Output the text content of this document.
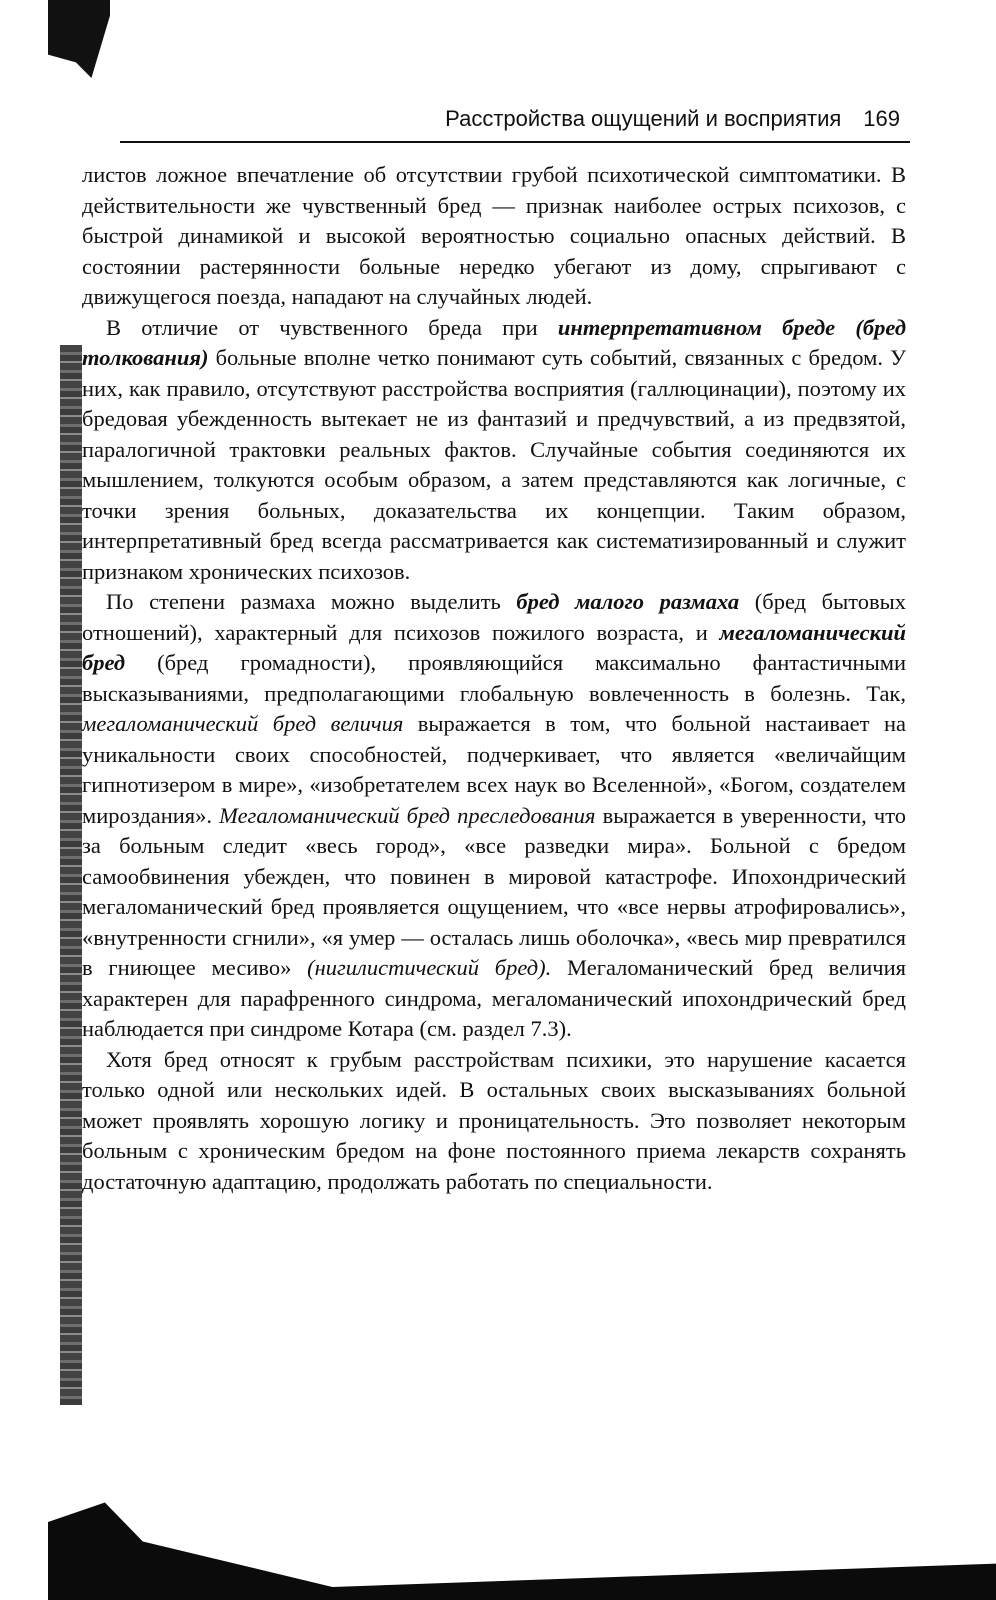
Расстройства ощущений и восприятия 169

листов ложное впечатление об отсутствии грубой психотической симптоматики. В действительности же чувственный бред — признак наиболее острых психозов, с быстрой динамикой и высокой вероятностью социально опасных действий. В состоянии растерянности больные нередко убегают из дому, спрыгивают с движущегося поезда, нападают на случайных людей.

В отличие от чувственного бреда при интерпретативном бреде (бред толкования) больные вполне четко понимают суть событий, связанных с бредом. У них, как правило, отсутствуют расстройства восприятия (галлюцинации), поэтому их бредовая убежденность вытекает не из фантазий и предчувствий, а из предвзятой, паралогичной трактовки реальных фактов. Случайные события соединяются их мышлением, толкуются особым образом, а затем представляются как логичные, с точки зрения больных, доказательства их концепции. Таким образом, интерпретативный бред всегда рассматривается как систематизированный и служит признаком хронических психозов.

По степени размаха можно выделить бред малого размаха (бред бытовых отношений), характерный для психозов пожилого возраста, и мегаломанический бред (бред громадности), проявляющийся максимально фантастичными высказываниями, предполагающими глобальную вовлеченность в болезнь. Так, мегаломанический бред величия выражается в том, что больной настаивает на уникальности своих способностей, подчеркивает, что является «величайщим гипнотизером в мире», «изобретателем всех наук во Вселенной», «Богом, создателем мироздания». Мегаломанический бред преследования выражается в уверенности, что за больным следит «весь город», «все разведки мира». Больной с бредом самообвинения убежден, что повинен в мировой катастрофе. Ипохондрический мегаломанический бред проявляется ощущением, что «все нервы атрофировались», «внутренности сгнили», «я умер — осталась лишь оболочка», «весь мир превратился в гниющее месиво» (нигилистический бред). Мегаломанический бред величия характерен для парафренного синдрома, мегаломанический ипохондрический бред наблюдается при синдроме Котара (см. раздел 7.3).

Хотя бред относят к грубым расстройствам психики, это нарушение касается только одной или нескольких идей. В остальных своих высказываниях больной может проявлять хорошую логику и проницательность. Это позволяет некоторым больным с хроническим бредом на фоне постоянного приема лекарств сохранять достаточную адаптацию, продолжать работать по специальности.
